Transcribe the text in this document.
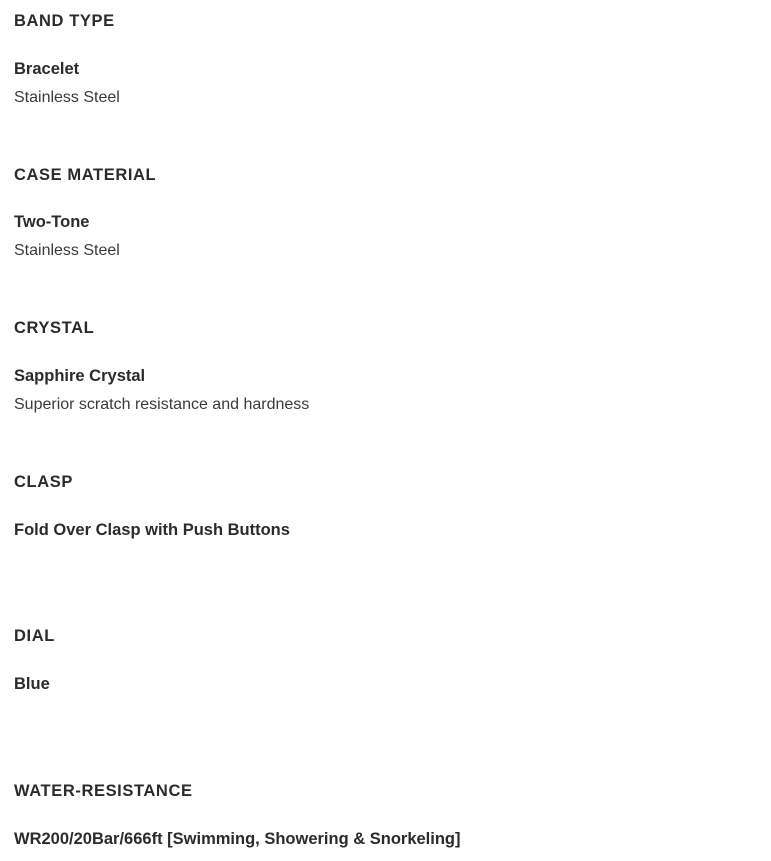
BAND TYPE
Bracelet
Stainless Steel
CASE MATERIAL
Two-Tone
Stainless Steel
CRYSTAL
Sapphire Crystal
Superior scratch resistance and hardness
CLASP
Fold Over Clasp with Push Buttons
DIAL
Blue
WATER-RESISTANCE
WR200/20Bar/666ft [Swimming, Showering & Snorkeling]
